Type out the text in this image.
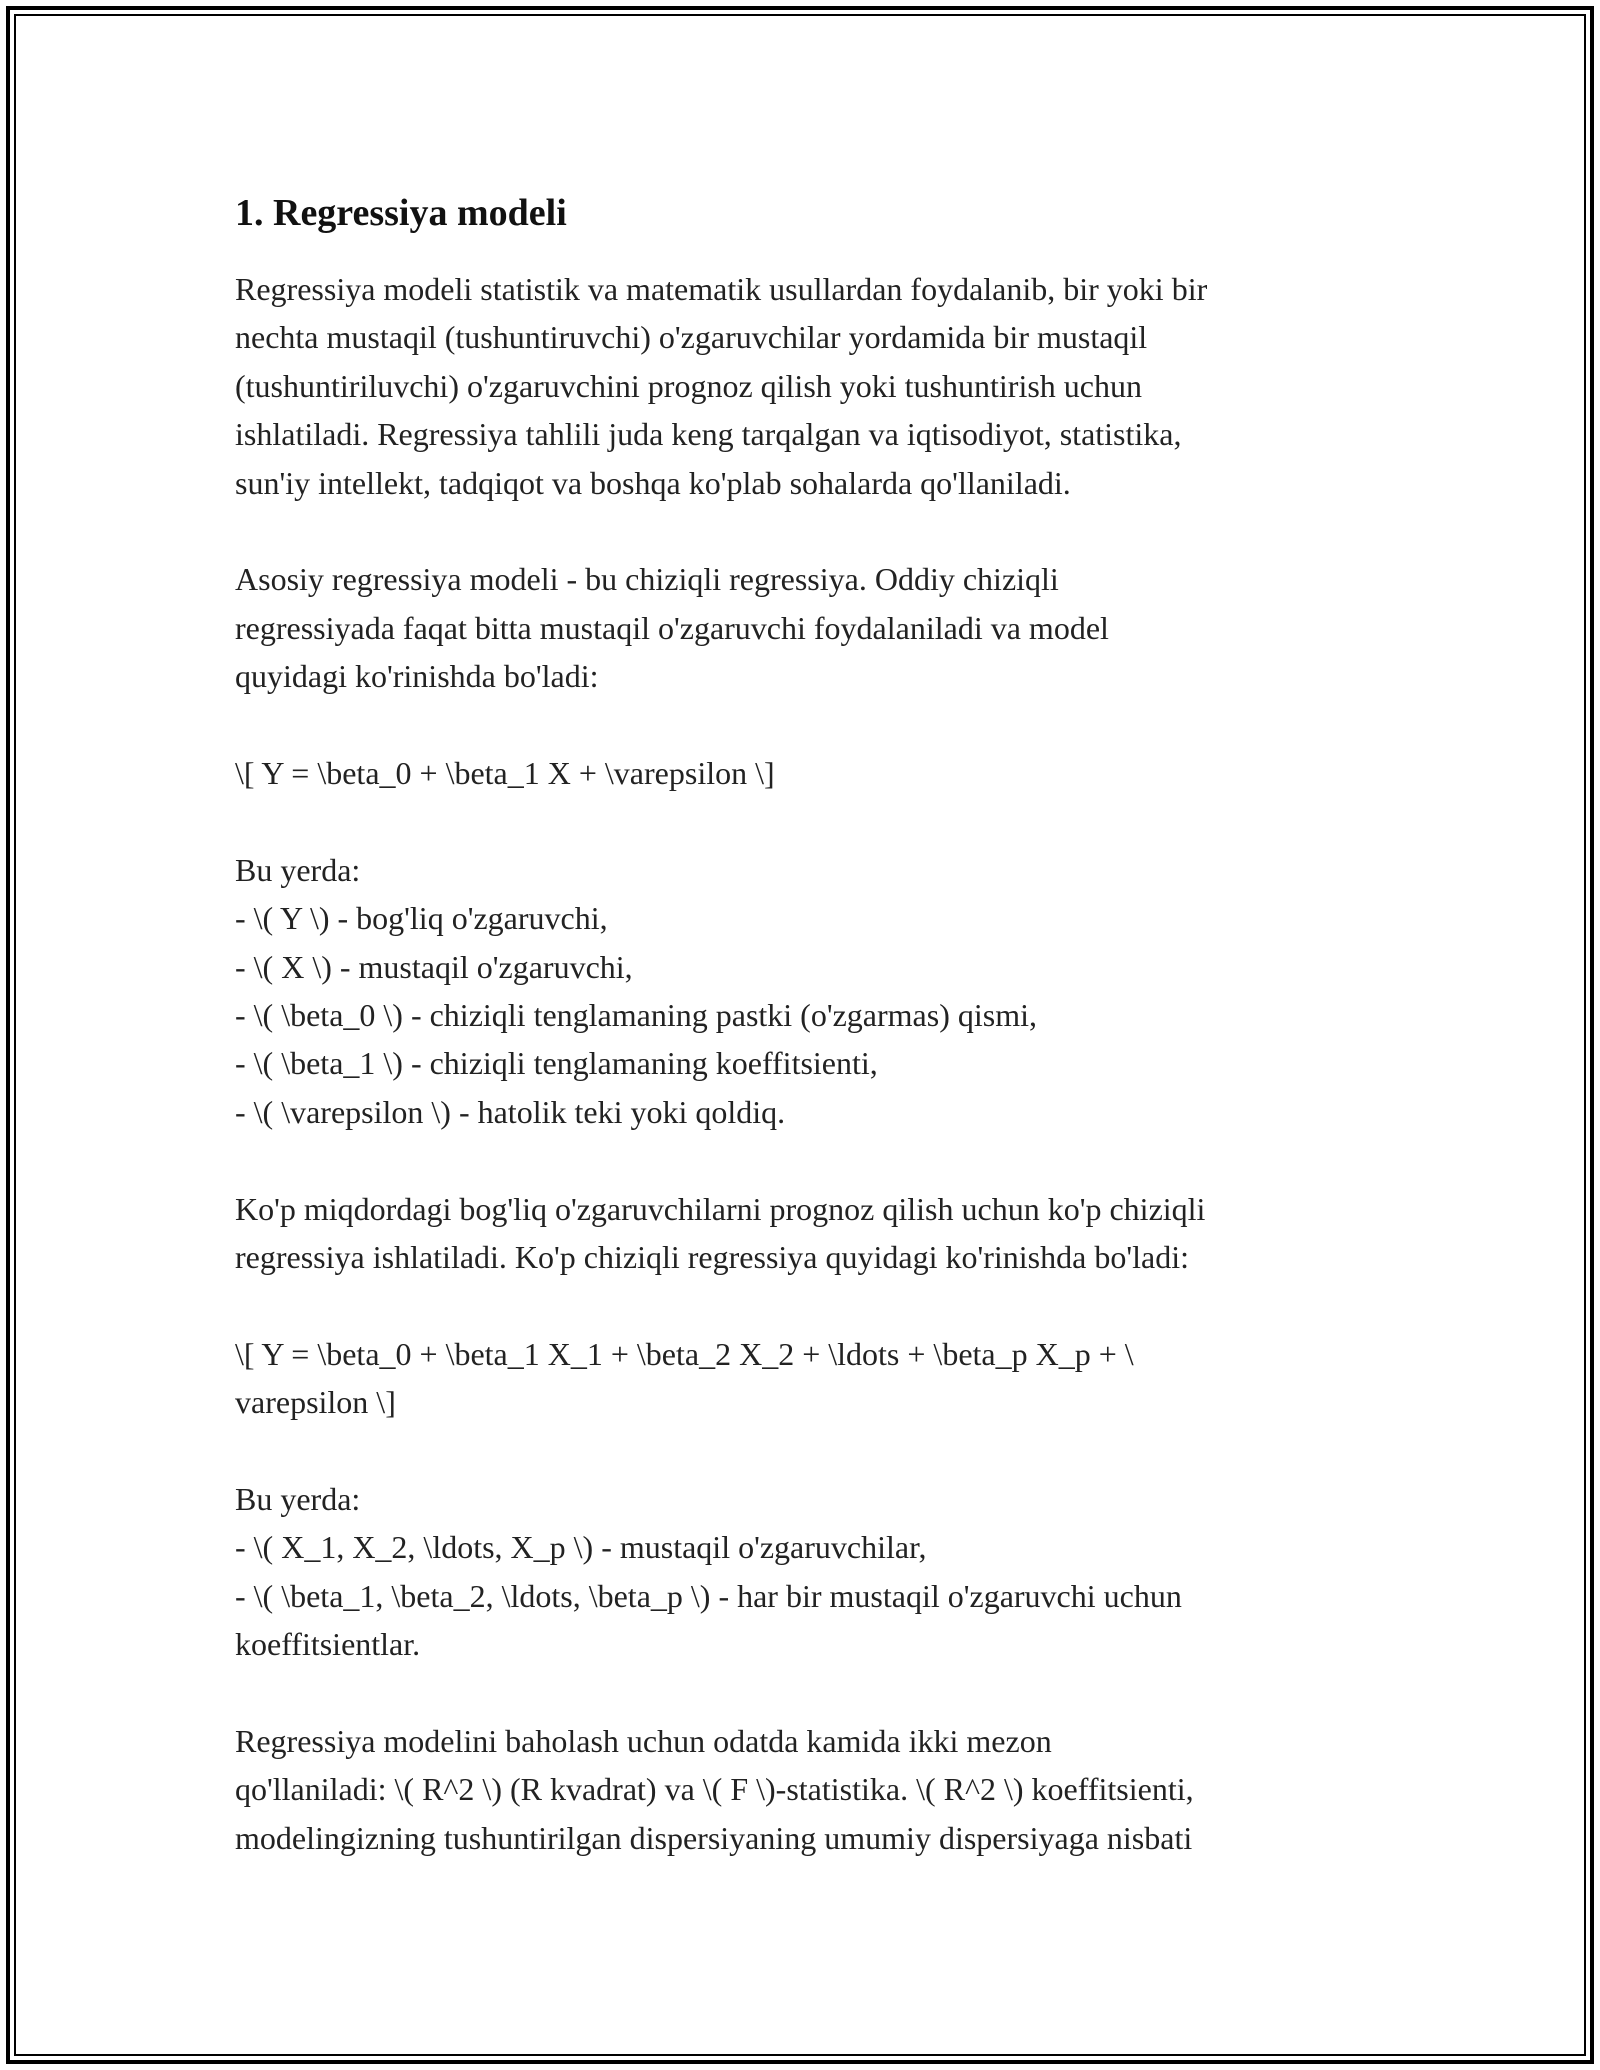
1. Regressiya modeli
Regressiya modeli statistik va matematik usullardan foydalanib, bir yoki bir
nechta mustaqil (tushuntiruvchi) o'zgaruvchilar yordamida bir mustaqil
(tushuntiriluvchi) o'zgaruvchini prognoz qilish yoki tushuntirish uchun
ishlatiladi. Regressiya tahlili juda keng tarqalgan va iqtisodiyot, statistika,
sun'iy intellekt, tadqiqot va boshqa ko'plab sohalarda qo'llaniladi.
Asosiy regressiya modeli - bu chiziqli regressiya. Oddiy chiziqli
regressiyada faqat bitta mustaqil o'zgaruvchi foydalaniladi va model
quyidagi ko'rinishda bo'ladi:
\[ Y = \beta_0 + \beta_1 X + \varepsilon \]
Bu yerda:
- \( Y \) - bog'liq o'zgaruvchi,
- \( X \) - mustaqil o'zgaruvchi,
- \( \beta_0 \) - chiziqli tenglamaning pastki (o'zgarmas) qismi,
- \( \beta_1 \) - chiziqli tenglamaning koeffitsienti,
- \( \varepsilon \) - hatolik teki yoki qoldiq.
Ko'p miqdordagi bog'liq o'zgaruvchilarni prognoz qilish uchun ko'p chiziqli
regressiya ishlatiladi. Ko'p chiziqli regressiya quyidagi ko'rinishda bo'ladi:
\[ Y = \beta_0 + \beta_1 X_1 + \beta_2 X_2 + \ldots + \beta_p X_p + \
varepsilon \]
Bu yerda:
- \( X_1, X_2, \ldots, X_p \) - mustaqil o'zgaruvchilar,
- \( \beta_1, \beta_2, \ldots, \beta_p \) - har bir mustaqil o'zgaruvchi uchun
koeffitsientlar.
Regressiya modelini baholash uchun odatda kamida ikki mezon
qo'llaniladi: \( R^2 \) (R kvadrat) va \( F \)-statistika. \( R^2 \) koeffitsienti,
modelingizning tushuntirilgan dispersiyaning umumiy dispersiyaga nisbati
